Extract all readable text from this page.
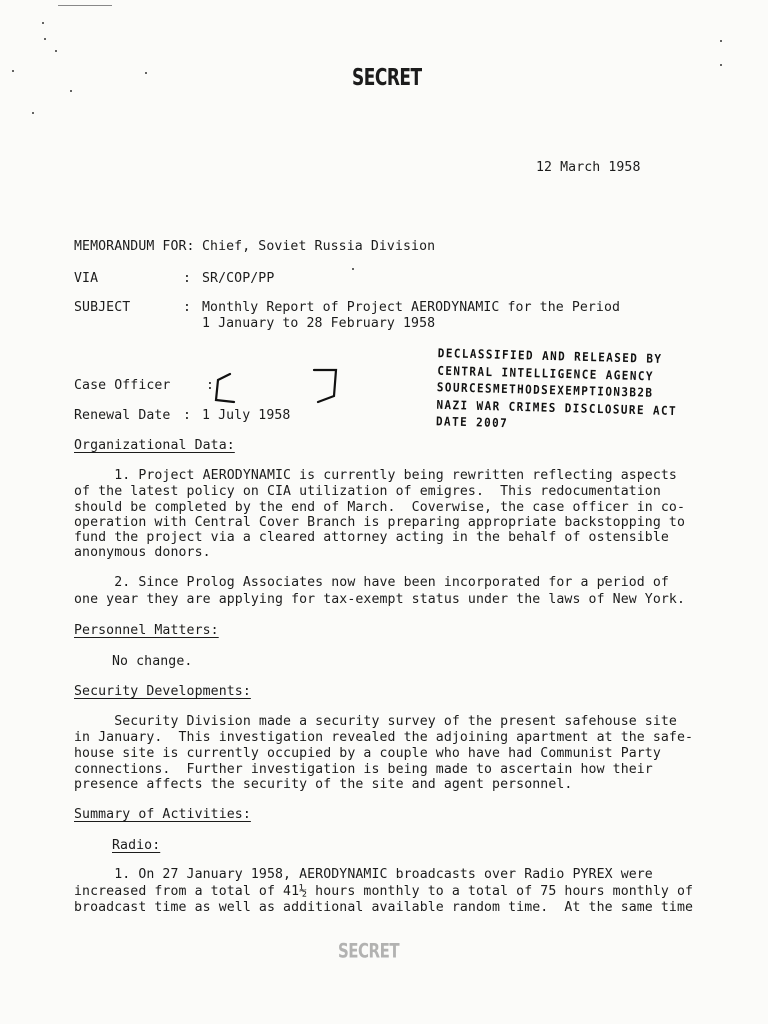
SECRET
12 March 1958
MEMORANDUM FOR: Chief, Soviet Russia Division
VIA	: SR/COP/PP
SUBJECT	: Monthly Report of Project AERODYNAMIC for the Period
1 January to 28 February 1958
DECLASSIFIED AND RELEASED BY
CENTRAL INTELLIGENCE AGENCY
SOURCESMETHODSEXEMPTION3B2B
NAZI WAR CRIMES DISCLOSURE ACT
DATE 2007
Case Officer	:
Renewal Date : 1 July 1958
Organizational Data:
1. Project AERODYNAMIC is currently being rewritten reflecting aspects
of the latest policy on CIA utilization of emigres.  This redocumentation
should be completed by the end of March.  Coverwise, the case officer in co-
operation with Central Cover Branch is preparing appropriate backstopping to
fund the project via a cleared attorney acting in the behalf of ostensible
anonymous donors.
2. Since Prolog Associates now have been incorporated for a period of
one year they are applying for tax-exempt status under the laws of New York.
Personnel Matters:
No change.
Security Developments:
Security Division made a security survey of the present safehouse site
in January.  This investigation revealed the adjoining apartment at the safe-
house site is currently occupied by a couple who have had Communist Party
connections.  Further investigation is being made to ascertain how their
presence affects the security of the site and agent personnel.
Summary of Activities:
Radio:
1. On 27 January 1958, AERODYNAMIC broadcasts over Radio PYREX were
increased from a total of 41½ hours monthly to a total of 75 hours monthly of
broadcast time as well as additional available random time.  At the same time
SECRET
